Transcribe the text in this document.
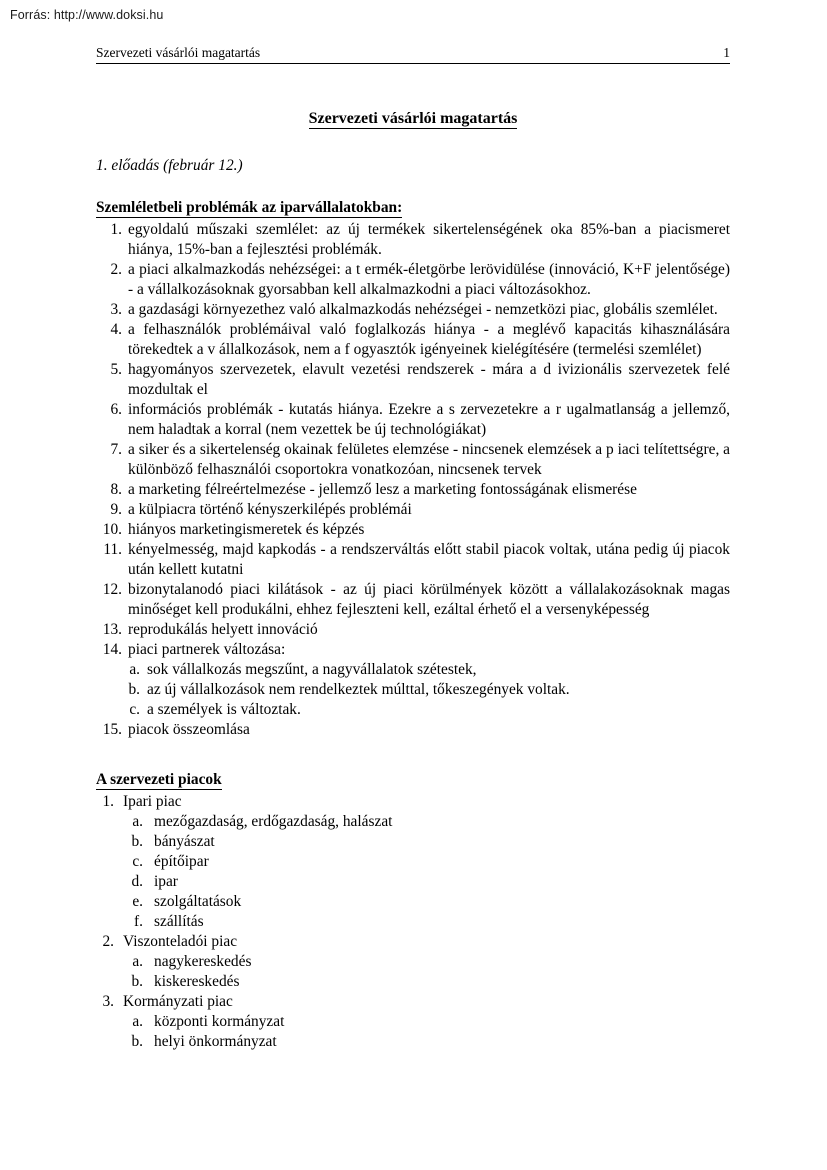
Forrás: http://www.doksi.hu
Szervezeti vásárlói magatartás	1
Szervezeti vásárlói magatartás
1. előadás (február 12.)
Szemléletbeli problémák az iparvállalatokban:
1. egyoldalú műszaki szemlélet: az új termékek sikertelenségének oka 85%-ban a piacismeret hiánya, 15%-ban a fejlesztési problémák.
2. a piaci alkalmazkodás nehézségei: a t ermék-életgörbe lerövidülése (innováció, K+F jelentősége) - a vállalkozásoknak gyorsabban kell alkalmazkodni a piaci változásokhoz.
3. a gazdasági környezethez való alkalmazkodás nehézségei - nemzetközi piac, globális szemlélet.
4. a felhasználók problémáival való foglalkozás hiánya - a meglévő kapacitás kihasználására törekedtek a v állalkozások, nem a f ogyasztók igényeinek kielégítésére (termelési szemlélet)
5. hagyományos szervezetek, elavult vezetési rendszerek - mára a d ivizionális szervezetek felé mozdultak el
6. információs problémák - kutatás hiánya. Ezekre a s zervezetekre a r ugalmatlanság a jellemző, nem haladtak a korral (nem vezettek be új technológiákat)
7. a siker és a sikertelenség okainak felületes elemzése - nincsenek elemzések a p iaci telítettségre, a különböző felhasználói csoportokra vonatkozóan, nincsenek tervek
8. a marketing félreértelmezése - jellemző lesz a marketing fontosságának elismerése
9. a külpiacra történő kényszerkilépés problémái
10. hiányos marketingismeretek és képzés
11. kényelmesség, majd kapkodás - a rendszerváltás előtt stabil piacok voltak, utána pedig új piacok után kellett kutatni
12. bizonytalanodó piaci kilátások - az új piaci körülmények között a vállalakozásoknak magas minőséget kell produkálni, ehhez fejleszteni kell, ezáltal érhető el a versenyképesség
13. reprodukálás helyett innováció
14. piaci partnerek változása:
a. sok vállalkozás megszűnt, a nagyvállalatok szétestek,
b. az új vállalkozások nem rendelkeztek múlttal, tőkeszegények voltak.
c. a személyek is változtak.
15. piacok összeomlása
A szervezeti piacok
1. Ipari piac
a. mezőgazdaság, erdőgazdaság, halászat
b. bányászat
c. építőipar
d. ipar
e. szolgáltatások
f. szállítás
2. Viszonteladói piac
a. nagykereskedés
b. kiskereskedés
3. Kormányzati piac
a. központi kormányzat
b. helyi önkormányzat
